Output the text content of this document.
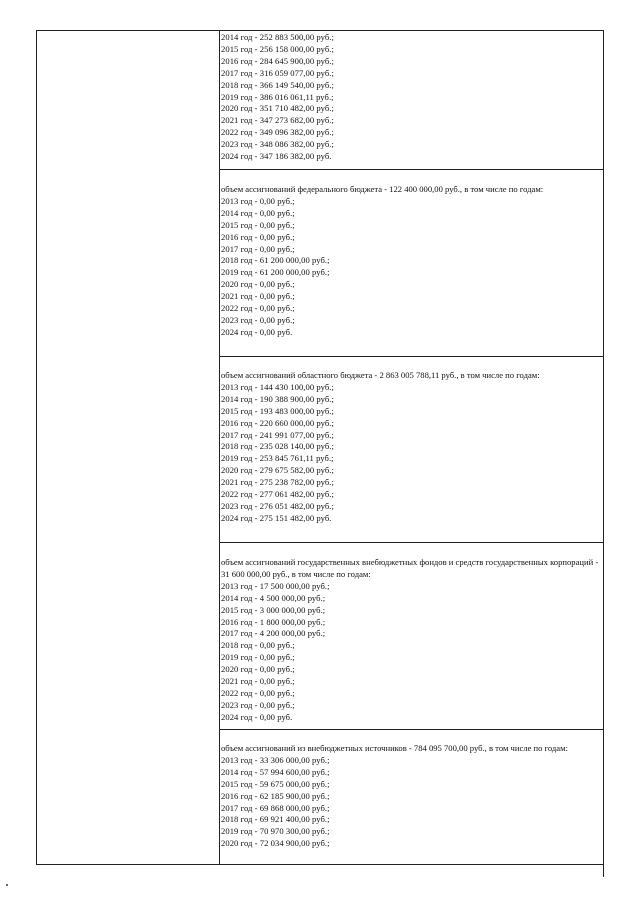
2014 год - 252 883 500,00 руб.;
2015 год - 256 158 000,00 руб.;
2016 год - 284 645 900,00 руб.;
2017 год - 316 059 077,00 руб.;
2018 год - 366 149 540,00 руб.;
2019 год - 386 016 061,11 руб.;
2020 год - 351 710 482,00 руб.;
2021 год - 347 273 682,00 руб.;
2022 год - 349 096 382,00 руб.;
2023 год - 348 086 382,00 руб.;
2024 год - 347 186 382,00 руб.
объем ассигнований федерального бюджета - 122 400 000,00 руб., в том числе по годам:
2013 год - 0,00 руб.;
2014 год - 0,00 руб.;
2015 год - 0,00 руб.;
2016 год - 0,00 руб.;
2017 год - 0,00 руб.;
2018 год - 61 200 000,00 руб.;
2019 год - 61 200 000,00 руб.;
2020 год - 0,00 руб.;
2021 год - 0,00 руб.;
2022 год - 0,00 руб.;
2023 год - 0,00 руб.;
2024 год - 0,00 руб.
объем ассигнований областного бюджета - 2 863 005 788,11 руб., в том числе по годам:
2013 год - 144 430 100,00 руб.;
2014 год - 190 388 900,00 руб.;
2015 год - 193 483 000,00 руб.;
2016 год - 220 660 000,00 руб.;
2017 год - 241 991 077,00 руб.;
2018 год - 235 028 140,00 руб.;
2019 год - 253 845 761,11 руб.;
2020 год - 279 675 582,00 руб.;
2021 год - 275 238 782,00 руб.;
2022 год - 277 061 482,00 руб.;
2023 год - 276 051 482,00 руб.;
2024 год - 275 151 482,00 руб.
объем ассигнований государственных внебюджетных фондов и средств государственных корпораций - 31 600 000,00 руб., в том числе по годам:
2013 год - 17 500 000,00 руб.;
2014 год - 4 500 000,00 руб.;
2015 год - 3 000 000,00 руб.;
2016 год - 1 800 000,00 руб.;
2017 год - 4 200 000,00 руб.;
2018 год - 0,00 руб.;
2019 год - 0,00 руб.;
2020 год - 0,00 руб.;
2021 год - 0,00 руб.;
2022 год - 0,00 руб.;
2023 год - 0,00 руб.;
2024 год - 0,00 руб.
объем ассигнований из внебюджетных источников - 784 095 700,00 руб., в том числе по годам:
2013 год - 33 306 000,00 руб.;
2014 год - 57 994 600,00 руб.;
2015 год - 59 675 000,00 руб.;
2016 год - 62 185 900,00 руб.;
2017 год - 69 868 000,00 руб.;
2018 год - 69 921 400,00 руб.;
2019 год - 70 970 300,00 руб.;
2020 год - 72 034 900,00 руб.;
